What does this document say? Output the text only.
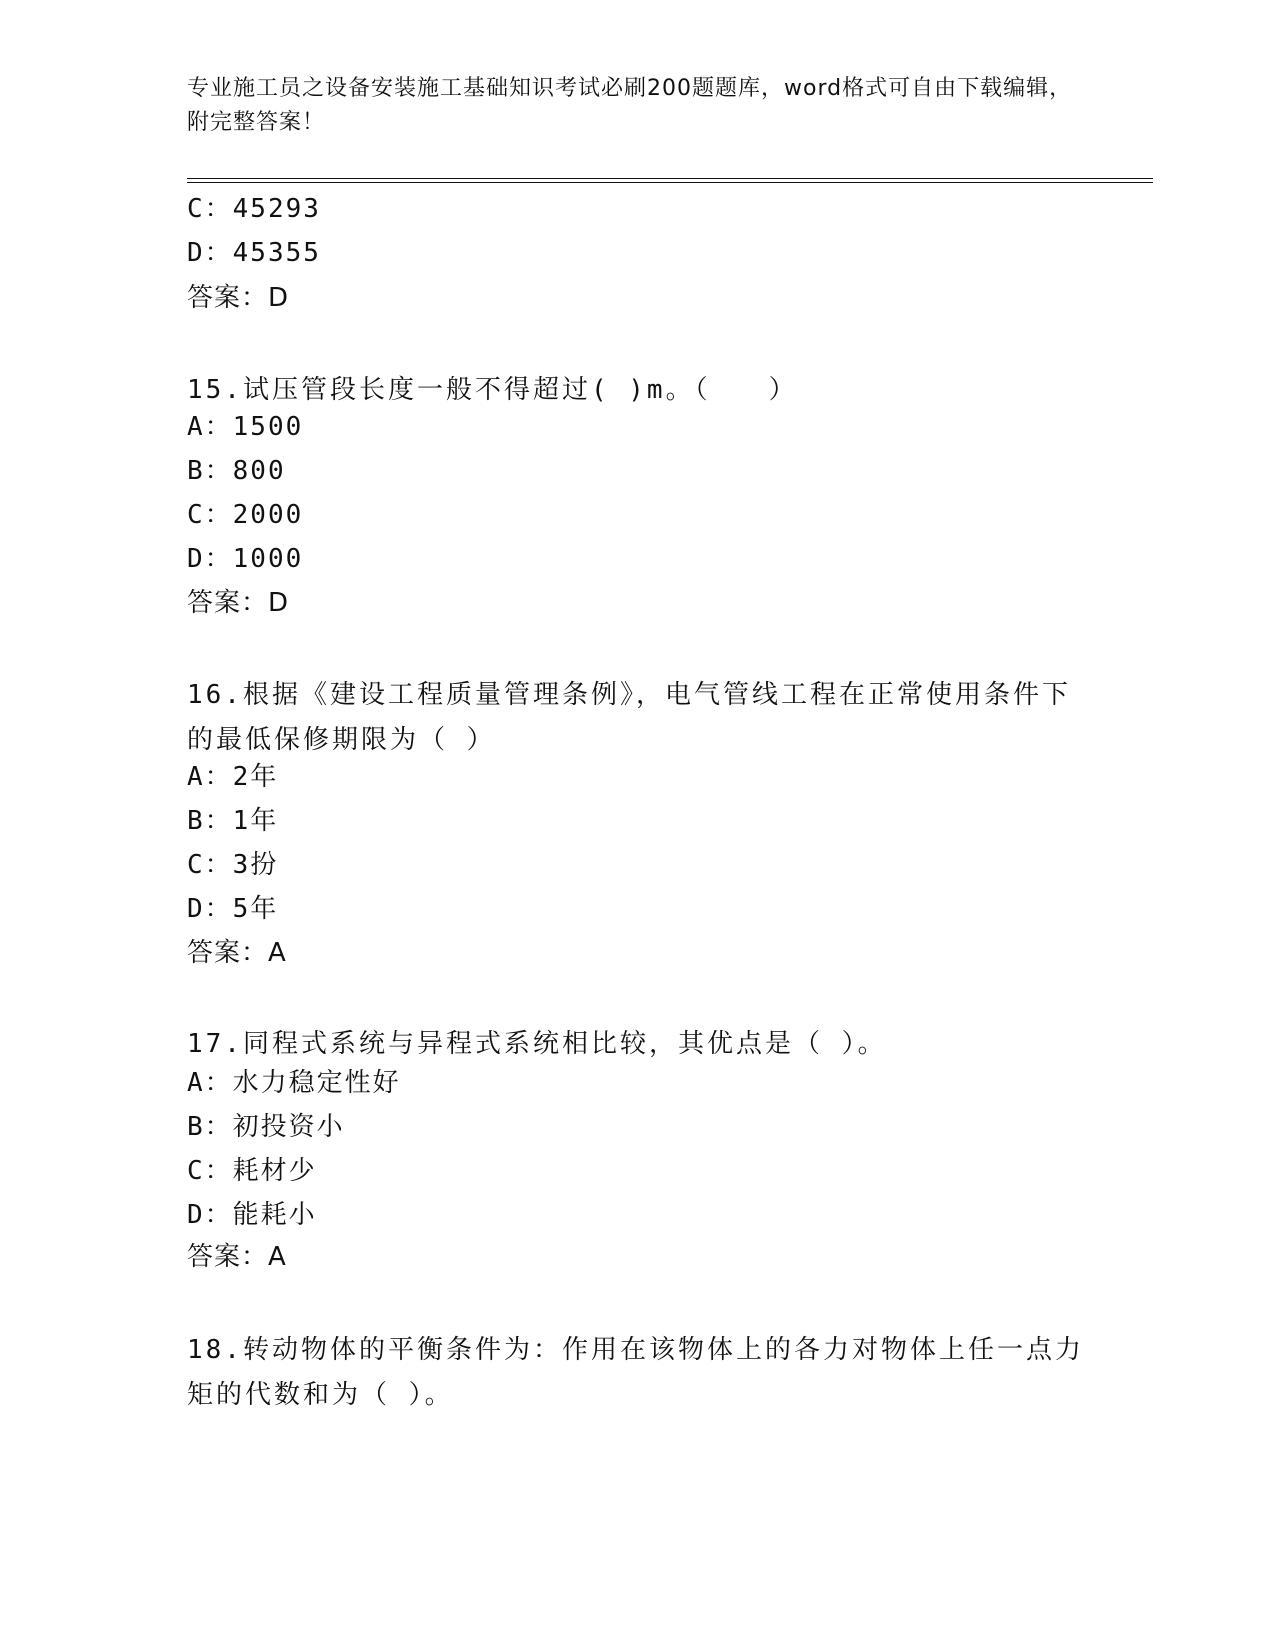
专业施工员之设备安装施工基础知识考试必刷200题题库，word格式可自由下载编辑，附完整答案！
C：45293
D：45355
答案：D
15.试压管段长度一般不得超过( )m。（　　）
A：1500
B：800
C：2000
D：1000
答案：D
16.根据《建设工程质量管理条例》，电气管线工程在正常使用条件下的最低保修期限为（ ）
A：2年
B：1年
C：3扮
D：5年
答案：A
17.同程式系统与异程式系统相比较，其优点是（ ）。
A：水力稳定性好
B：初投资小
C：耗材少
D：能耗小
答案：A
18.转动物体的平衡条件为：作用在该物体上的各力对物体上任一点力矩的代数和为（ ）。
